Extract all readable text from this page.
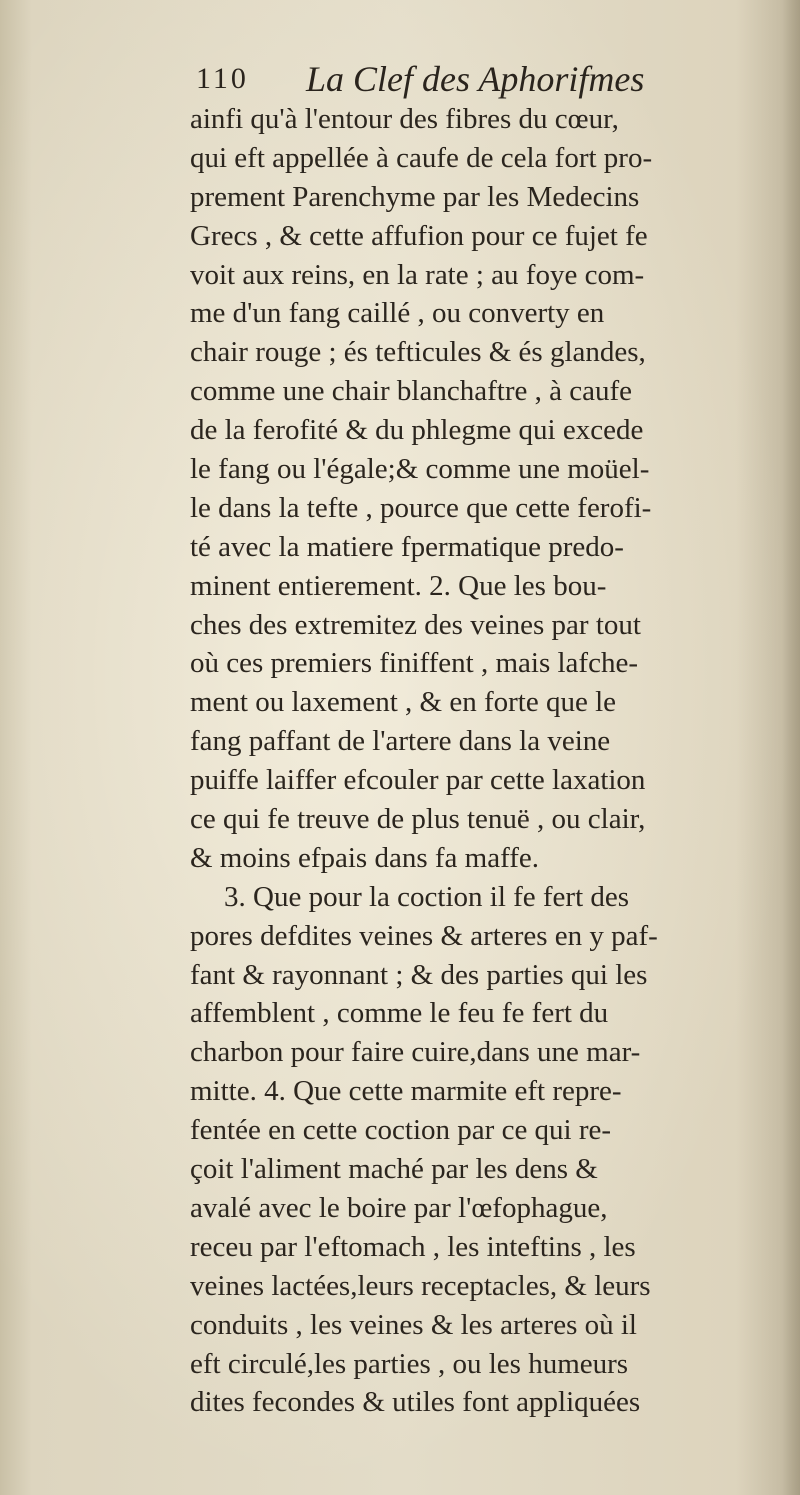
110 La Clef des Aphorifmes
ainfi qu'à l'entour des fibres du cœur,
qui eft appellée à caufe de cela fort pro-
prement Parenchyme par les Medecins
Grecs , & cette affufion pour ce fujet fe
voit aux reins, en la rate ; au foye com-
me d'un fang caillé , ou converty en
chair rouge ; és tefticules & és glandes,
comme une chair blanchaftre , à caufe
de la ferofité & du phlegme qui excede
le fang ou l'égale;& comme une moüel-
le dans la tefte , pource que cette ferofi-
té avec la matiere fpermatique predo-
minent entierement. 2. Que les bou-
ches des extremitez des veines par tout
où ces premiers finiffent , mais lafche-
ment ou laxement , & en forte que le
fang paffant de l'artere dans la veine
puiffe laiffer efcouler par cette laxation
ce qui fe treuve de plus tenuë , ou clair,
& moins efpais dans fa maffe.
3. Que pour la coction il fe fert des
pores defdites veines & arteres en y paf-
fant & rayonnant ; & des parties qui les
affemblent , comme le feu fe fert du
charbon pour faire cuire,dans une mar-
mitte. 4. Que cette marmite eft repre-
fentée en cette coction par ce qui re-
çoit l'aliment maché par les dens &
avalé avec le boire par l'œfophague,
receu par l'eftomach , les inteftins , les
veines lactées,leurs receptacles, & leurs
conduits , les veines & les arteres où il
eft circulé,les parties , ou les humeurs
dites fecondes & utiles font appliquées
